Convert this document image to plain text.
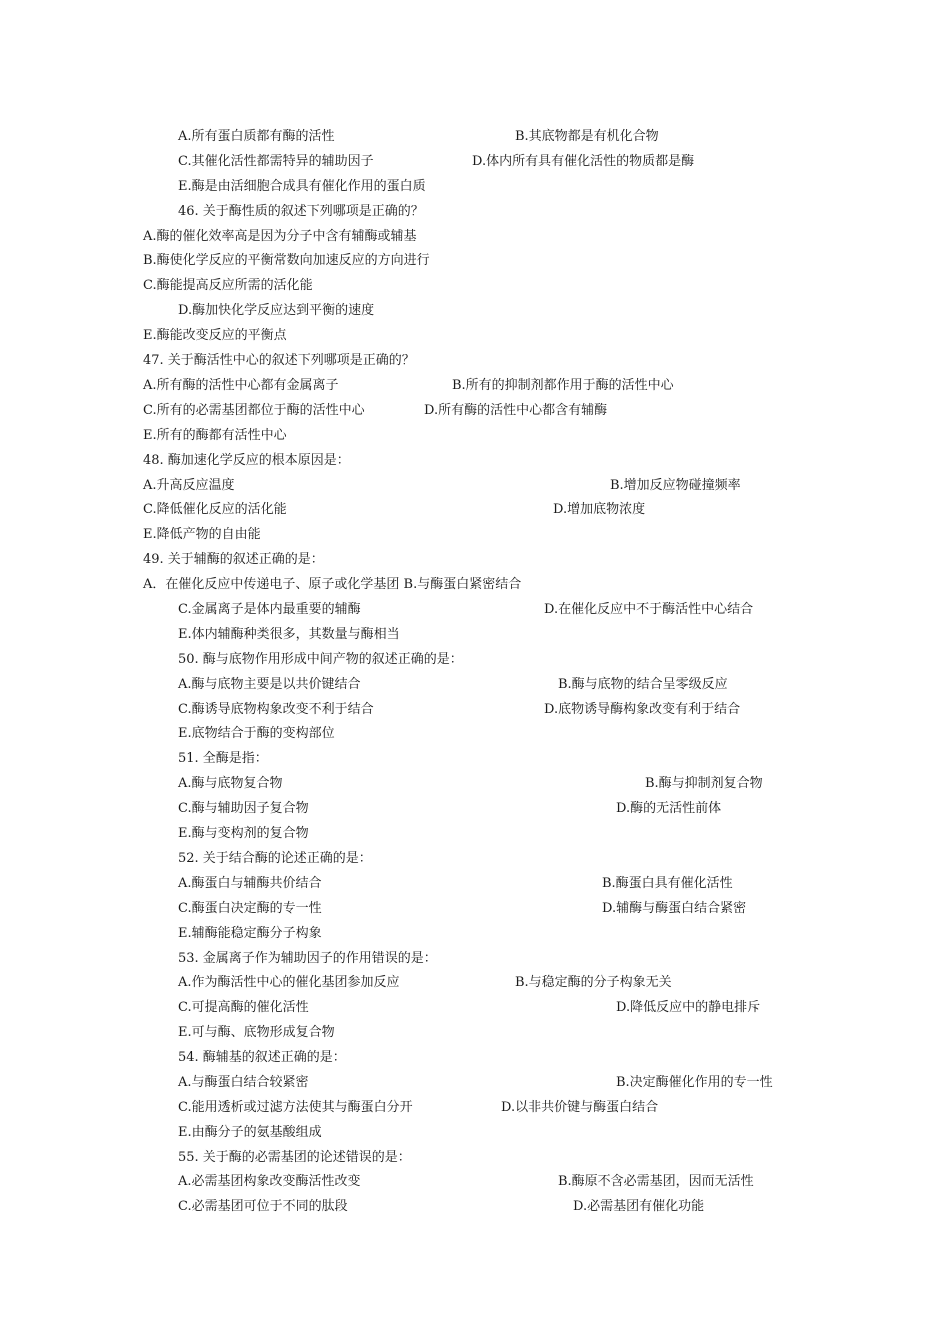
A.所有蛋白质都有酶的活性	B.其底物都是有机化合物
C.其催化活性都需特异的辅助因子	D.体内所有具有催化活性的物质都是酶
E.酶是由活细胞合成具有催化作用的蛋白质
46. 关于酶性质的叙述下列哪项是正确的？
A.酶的催化效率高是因为分子中含有辅酶或辅基
B.酶使化学反应的平衡常数向加速反应的方向进行
C.酶能提高反应所需的活化能
D.酶加快化学反应达到平衡的速度
E.酶能改变反应的平衡点
47. 关于酶活性中心的叙述下列哪项是正确的？
A.所有酶的活性中心都有金属离子	B.所有的抑制剂都作用于酶的活性中心
C.所有的必需基团都位于酶的活性中心	D.所有酶的活性中心都含有辅酶
E.所有的酶都有活性中心
48. 酶加速化学反应的根本原因是：
A.升高反应温度	B.增加反应物碰撞频率
C.降低催化反应的活化能	D.增加底物浓度
E.降低产物的自由能
49. 关于辅酶的叙述正确的是：
A．在催化反应中传递电子、原子或化学基团 B.与酶蛋白紧密结合
C.金属离子是体内最重要的辅酶	D.在催化反应中不于酶活性中心结合
E.体内辅酶种类很多，其数量与酶相当
50. 酶与底物作用形成中间产物的叙述正确的是：
A.酶与底物主要是以共价键结合	B.酶与底物的结合呈零级反应
C.酶诱导底物构象改变不利于结合	D.底物诱导酶构象改变有利于结合
E.底物结合于酶的变构部位
51. 全酶是指：
A.酶与底物复合物	B.酶与抑制剂复合物
C.酶与辅助因子复合物	D.酶的无活性前体
E.酶与变构剂的复合物
52. 关于结合酶的论述正确的是：
A.酶蛋白与辅酶共价结合	B.酶蛋白具有催化活性
C.酶蛋白决定酶的专一性	D.辅酶与酶蛋白结合紧密
E.辅酶能稳定酶分子构象
53. 金属离子作为辅助因子的作用错误的是：
A.作为酶活性中心的催化基团参加反应	B.与稳定酶的分子构象无关
C.可提高酶的催化活性	D.降低反应中的静电排斥
E.可与酶、底物形成复合物
54. 酶辅基的叙述正确的是：
A.与酶蛋白结合较紧密	B.决定酶催化作用的专一性
C.能用透析或过滤方法使其与酶蛋白分开	D.以非共价键与酶蛋白结合
E.由酶分子的氨基酸组成
55. 关于酶的必需基团的论述错误的是：
A.必需基团构象改变酶活性改变	B.酶原不含必需基团，因而无活性
C.必需基团可位于不同的肽段	D.必需基团有催化功能
